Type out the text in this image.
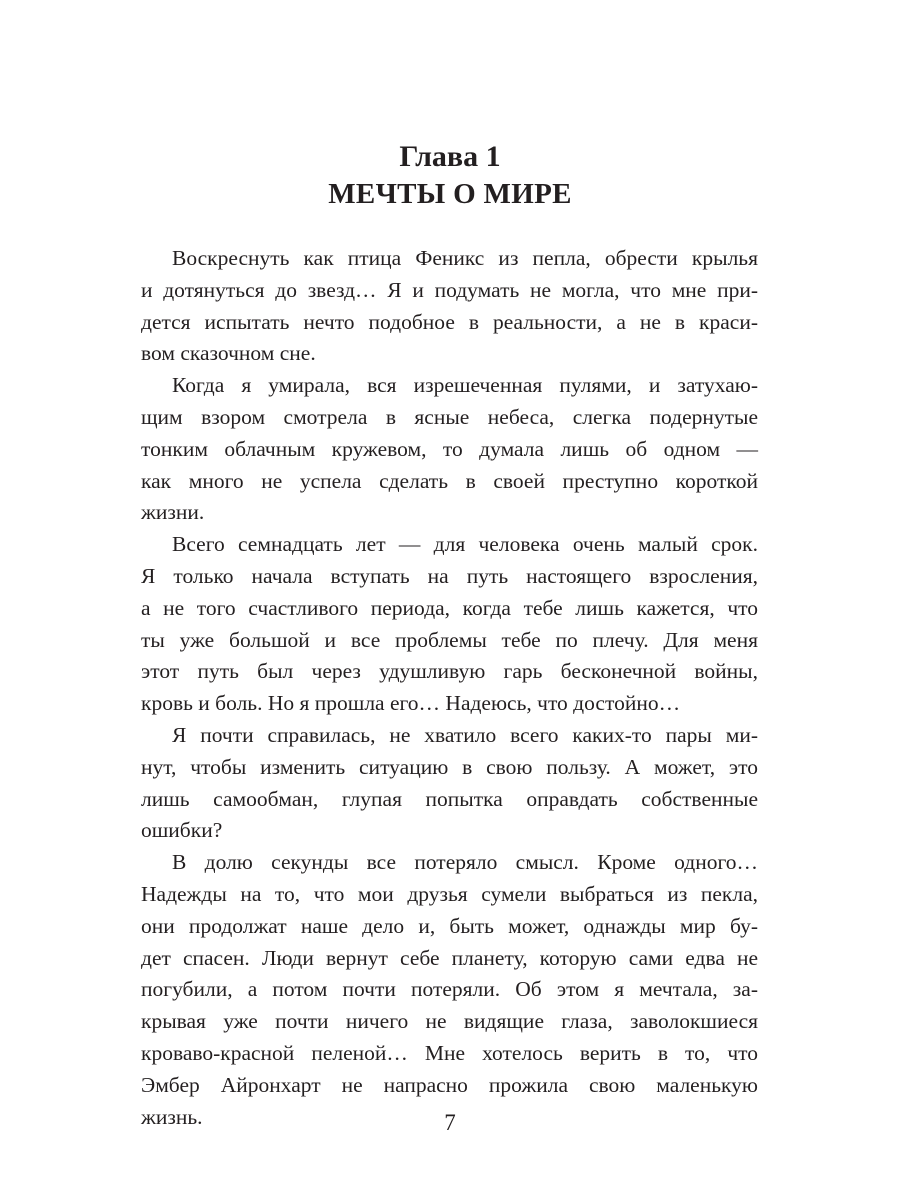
Глава 1
МЕЧТЫ О МИРЕ
Воскреснуть как птица Феникс из пепла, обрести крылья
и дотянуться до звезд… Я и подумать не могла, что мне при-
дется испытать нечто подобное в реальности, а не в краси-
вом сказочном сне.
Когда я умирала, вся изрешеченная пулями, и затухаю-
щим взором смотрела в ясные небеса, слегка подернутые
тонким облачным кружевом, то думала лишь об одном —
как много не успела сделать в своей преступно короткой
жизни.
Всего семнадцать лет — для человека очень малый срок.
Я только начала вступать на путь настоящего взросления,
а не того счастливого периода, когда тебе лишь кажется, что
ты уже большой и все проблемы тебе по плечу. Для меня
этот путь был через удушливую гарь бесконечной войны,
кровь и боль. Но я прошла его… Надеюсь, что достойно…
Я почти справилась, не хватило всего каких-то пары ми-
нут, чтобы изменить ситуацию в свою пользу. А может, это
лишь самообман, глупая попытка оправдать собственные
ошибки?
В долю секунды все потеряло смысл. Кроме одного…
Надежды на то, что мои друзья сумели выбраться из пекла,
они продолжат наше дело и, быть может, однажды мир бу-
дет спасен. Люди вернут себе планету, которую сами едва не
погубили, а потом почти потеряли. Об этом я мечтала, за-
крывая уже почти ничего не видящие глаза, заволокшиеся
кроваво-красной пеленой… Мне хотелось верить в то, что
Эмбер Айронхарт не напрасно прожила свою маленькую
жизнь.	7
